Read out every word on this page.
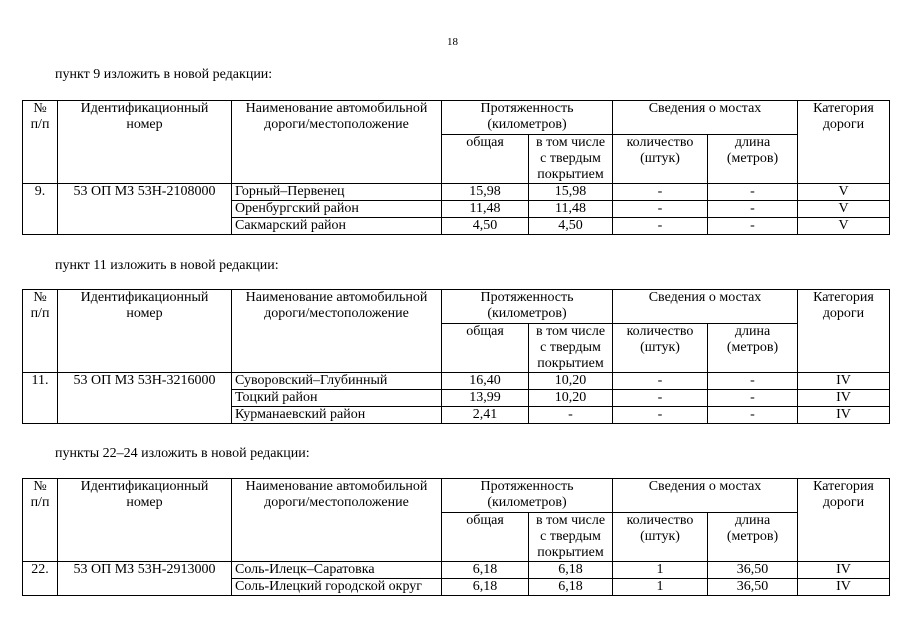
18
пункт 9 изложить в новой редакции:
№ п/п	Идентификационный номер	Наименование автомобильной дороги/местоположение	Протяженность (километров)		Сведения о мостах		Категория дороги
			общая	в том числе с твердым покрытием	количество (штук)	длина (метров)	
9.	53 ОП МЗ 53Н-2108000	Горный–Первенец	15,98	15,98	-	-	V
		Оренбургский район	11,48	11,48	-	-	V
		Сакмарский район	4,50	4,50	-	-	V
пункт 11 изложить в новой редакции:
№ п/п	Идентификационный номер	Наименование автомобильной дороги/местоположение	Протяженность (километров)		Сведения о мостах		Категория дороги
			общая	в том числе с твердым покрытием	количество (штук)	длина (метров)	
11.	53 ОП МЗ 53Н-3216000	Суворовский–Глубинный	16,40	10,20	-	-	IV
		Тоцкий район	13,99	10,20	-	-	IV
		Курманаевский район	2,41	-	-	-	IV
пункты 22–24 изложить в новой редакции:
№ п/п	Идентификационный номер	Наименование автомобильной дороги/местоположение	Протяженность (километров)		Сведения о мостах		Категория дороги
			общая	в том числе с твердым покрытием	количество (штук)	длина (метров)	
22.	53 ОП МЗ 53Н-2913000	Соль-Илецк–Саратовка	6,18	6,18	1	36,50	IV
		Соль-Илецкий городской округ	6,18	6,18	1	36,50	IV
